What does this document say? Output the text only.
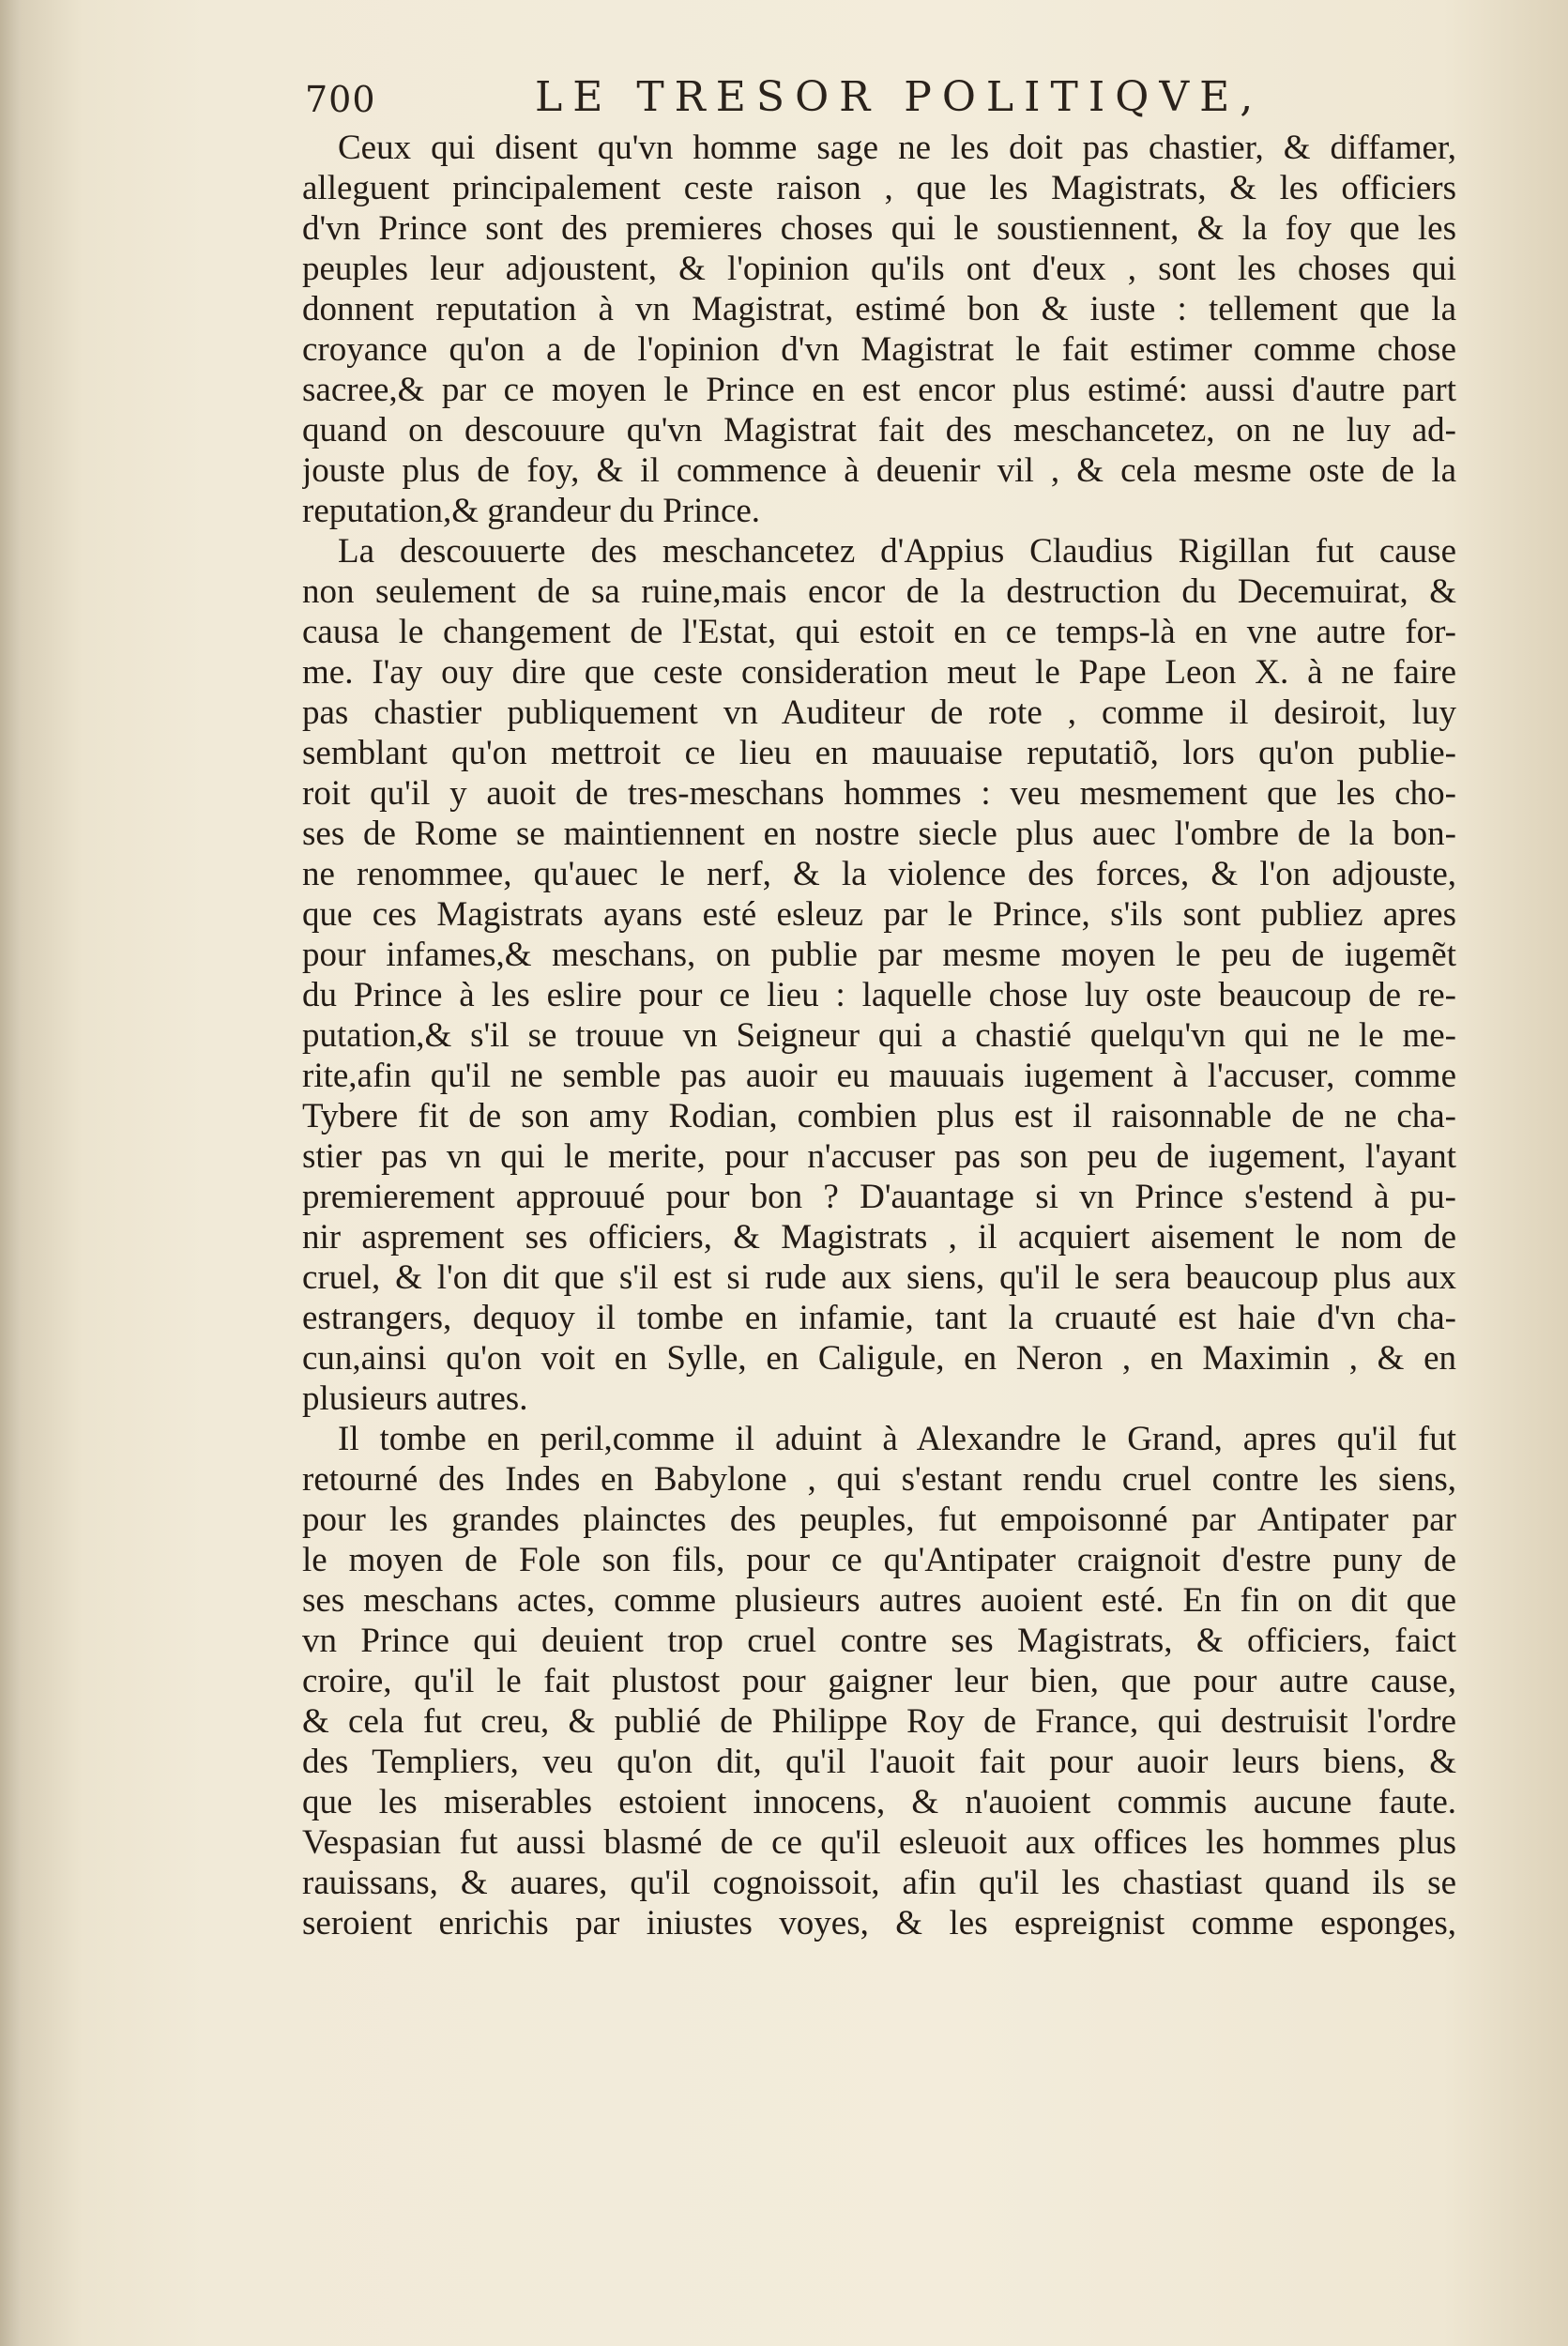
700	LE TRESOR POLITIQVE,
Ceux qui disent qu'vn homme sage ne les doit pas chastier, & diffamer,
alleguent principalement ceste raison , que les Magistrats, & les officiers
d'vn Prince sont des premieres choses qui le soustiennent, & la foy que les
peuples leur adjoustent, & l'opinion qu'ils ont d'eux , sont les choses qui
donnent reputation à vn Magistrat, estimé bon & iuste : tellement que la
croyance qu'on a de l'opinion d'vn Magistrat le fait estimer comme chose
sacree,& par ce moyen le Prince en est encor plus estimé: aussi d'autre part
quand on descouure qu'vn Magistrat fait des meschancetez, on ne luy ad-
jouste plus de foy, & il commence à deuenir vil , & cela mesme oste de la
reputation,& grandeur du Prince.
La descouuerte des meschancetez d'Appius Claudius Rigillan fut cause
non seulement de sa ruine,mais encor de la destruction du Decemuirat, &
causa le changement de l'Estat, qui estoit en ce temps-là en vne autre for-
me. I'ay ouy dire que ceste consideration meut le Pape Leon X. à ne faire
pas chastier publiquement vn Auditeur de rote , comme il desiroit, luy
semblant qu'on mettroit ce lieu en mauuaise reputatiõ, lors qu'on publie-
roit qu'il y auoit de tres-meschans hommes : veu mesmement que les cho-
ses de Rome se maintiennent en nostre siecle plus auec l'ombre de la bon-
ne renommee, qu'auec le nerf, & la violence des forces, & l'on adjouste,
que ces Magistrats ayans esté esleuz par le Prince, s'ils sont publiez apres
pour infames,& meschans, on publie par mesme moyen le peu de iugemẽt
du Prince à les eslire pour ce lieu : laquelle chose luy oste beaucoup de re-
putation,& s'il se trouue vn Seigneur qui a chastié quelqu'vn qui ne le me-
rite,afin qu'il ne semble pas auoir eu mauuais iugement à l'accuser, comme
Tybere fit de son amy Rodian, combien plus est il raisonnable de ne cha-
stier pas vn qui le merite, pour n'accuser pas son peu de iugement, l'ayant
premierement approuué pour bon ? D'auantage si vn Prince s'estend à pu-
nir asprement ses officiers, & Magistrats , il acquiert aisement le nom de
cruel, & l'on dit que s'il est si rude aux siens, qu'il le sera beaucoup plus aux
estrangers, dequoy il tombe en infamie, tant la cruauté est haie d'vn cha-
cun,ainsi qu'on voit en Sylle, en Caligule, en Neron , en Maximin , & en
plusieurs autres.
Il tombe en peril,comme il aduint à Alexandre le Grand, apres qu'il fut
retourné des Indes en Babylone , qui s'estant rendu cruel contre les siens,
pour les grandes plainctes des peuples, fut empoisonné par Antipater par
le moyen de Fole son fils, pour ce qu'Antipater craignoit d'estre puny de
ses meschans actes, comme plusieurs autres auoient esté. En fin on dit que
vn Prince qui deuient trop cruel contre ses Magistrats, & officiers, faict
croire, qu'il le fait plustost pour gaigner leur bien, que pour autre cause,
& cela fut creu, & publié de Philippe Roy de France, qui destruisit l'ordre
des Templiers, veu qu'on dit, qu'il l'auoit fait pour auoir leurs biens, &
que les miserables estoient innocens, & n'auoient commis aucune faute.
Vespasian fut aussi blasmé de ce qu'il esleuoit aux offices les hommes plus
rauissans, & auares, qu'il cognoissoit, afin qu'il les chastiast quand ils se
seroient enrichis par iniustes voyes, & les espreignist comme esponges,
